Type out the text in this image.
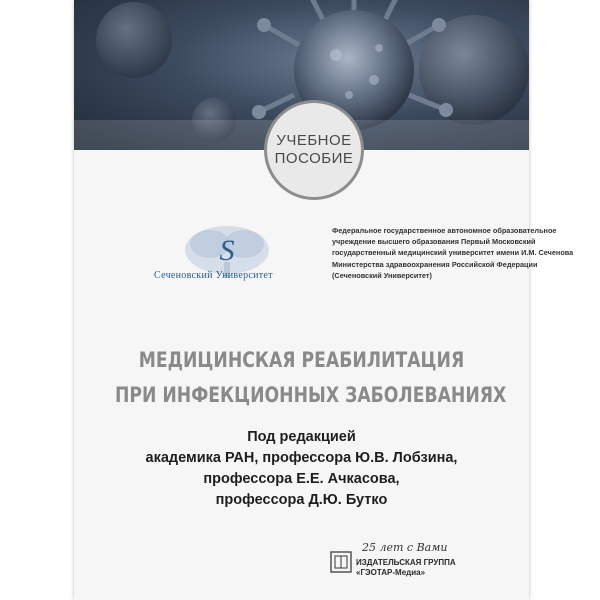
УЧЕБНОЕ
ПОСОБИЕ
S
Сеченовский Университет
Федеральное государственное автономное образовательное
учреждение высшего образования Первый Московский
государственный медицинский университет имени И.М. Сеченова
Министерства здравоохранения Российской Федерации
(Сеченовский Университет)
25 лет с Вами
ИЗДАТЕЛЬСКАЯ ГРУППА
«ГЭОТАР-Медиа»
МЕДИЦИНСКАЯ РЕАБИЛИТАЦИЯ
ПРИ ИНФЕКЦИОННЫХ ЗАБОЛЕВАНИЯХ
Под редакцией
академика РАН, профессора Ю.В. Лобзина,
профессора Е.Е. Ачкасова,
профессора Д.Ю. Бутко
